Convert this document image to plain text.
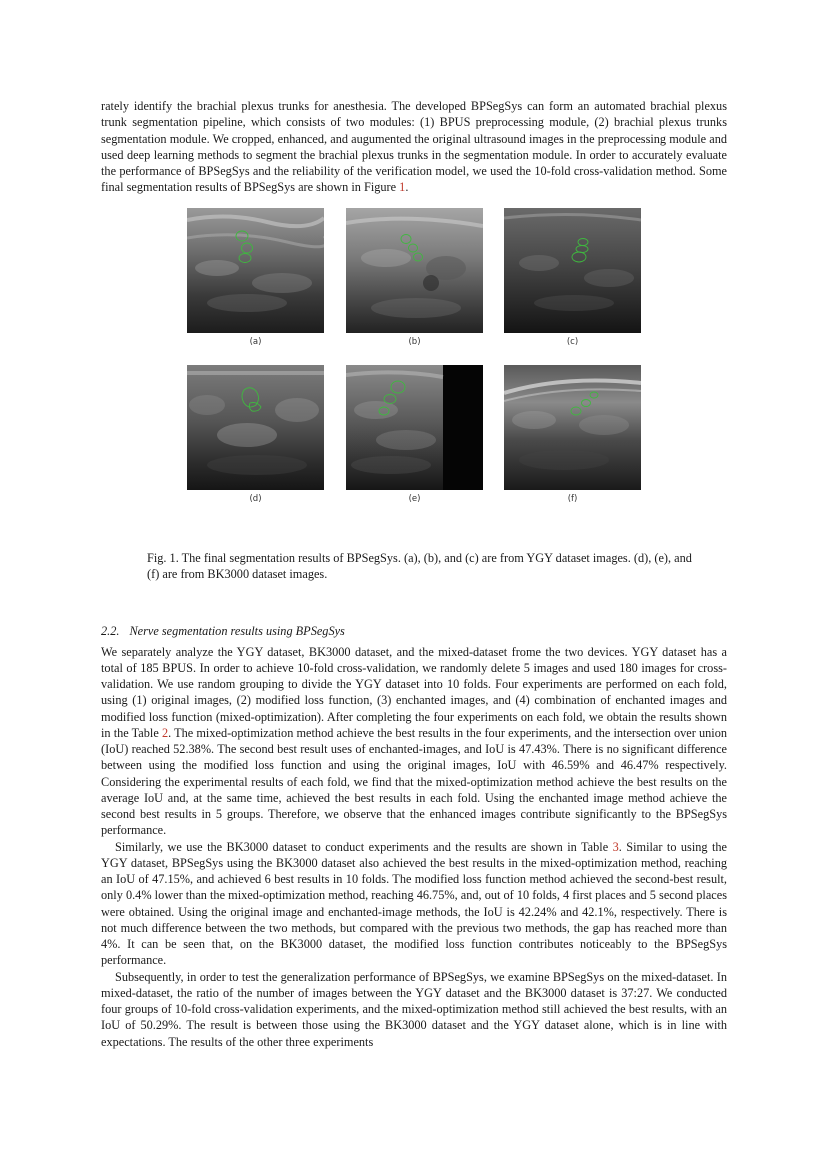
rately identify the brachial plexus trunks for anesthesia. The developed BPSegSys can form an automated brachial plexus trunk segmentation pipeline, which consists of two modules: (1) BPUS preprocessing module, (2) brachial plexus trunks segmentation module. We cropped, enhanced, and augumented the original ultrasound images in the preprocessing module and used deep learning methods to segment the brachial plexus trunks in the segmentation module. In order to accurately evaluate the performance of BPSegSys and the reliability of the verification model, we used the 10-fold cross-validation method. Some final segmentation results of BPSegSys are shown in Figure 1.

(a)	(b)	(c)
(d)	(e)	(f)

Fig. 1. The final segmentation results of BPSegSys. (a), (b), and (c) are from YGY dataset images. (d), (e), and (f) are from BK3000 dataset images.

2.2. Nerve segmentation results using BPSegSys

We separately analyze the YGY dataset, BK3000 dataset, and the mixed-dataset frome the two devices. YGY dataset has a total of 185 BPUS. In order to achieve 10-fold cross-validation, we randomly delete 5 images and used 180 images for cross-validation. We use random grouping to divide the YGY dataset into 10 folds. Four experiments are performed on each fold, using (1) original images, (2) modified loss function, (3) enchanted images, and (4) combination of enchanted images and modified loss function (mixed-optimization). After completing the four experiments on each fold, we obtain the results shown in the Table 2. The mixed-optimization method achieve the best results in the four experiments, and the intersection over union (IoU) reached 52.38%. The second best result uses of enchanted-images, and IoU is 47.43%. There is no significant difference between using the modified loss function and using the original images, IoU with 46.59% and 46.47% respectively. Considering the experimental results of each fold, we find that the mixed-optimization method achieve the best results on the average IoU and, at the same time, achieved the best results in each fold. Using the enchanted image method achieve the second best results in 5 groups. Therefore, we observe that the enhanced images contribute significantly to the BPSegSys performance.

Similarly, we use the BK3000 dataset to conduct experiments and the results are shown in Table 3. Similar to using the YGY dataset, BPSegSys using the BK3000 dataset also achieved the best results in the mixed-optimization method, reaching an IoU of 47.15%, and achieved 6 best results in 10 folds. The modified loss function method achieved the second-best result, only 0.4% lower than the mixed-optimization method, reaching 46.75%, and, out of 10 folds, 4 first places and 5 second places were obtained. Using the original image and enchanted-image methods, the IoU is 42.24% and 42.1%, respectively. There is not much difference between the two methods, but compared with the previous two methods, the gap has reached more than 4%. It can be seen that, on the BK3000 dataset, the modified loss function contributes noticeably to the BPSegSys performance.

Subsequently, in order to test the generalization performance of BPSegSys, we examine BPSegSys on the mixed-dataset. In mixed-dataset, the ratio of the number of images between the YGY dataset and the BK3000 dataset is 37:27. We conducted four groups of 10-fold cross-validation experiments, and the mixed-optimization method still achieved the best results, with an IoU of 50.29%. The result is between those using the BK3000 dataset and the YGY dataset alone, which is in line with expectations. The results of the other three experiments
